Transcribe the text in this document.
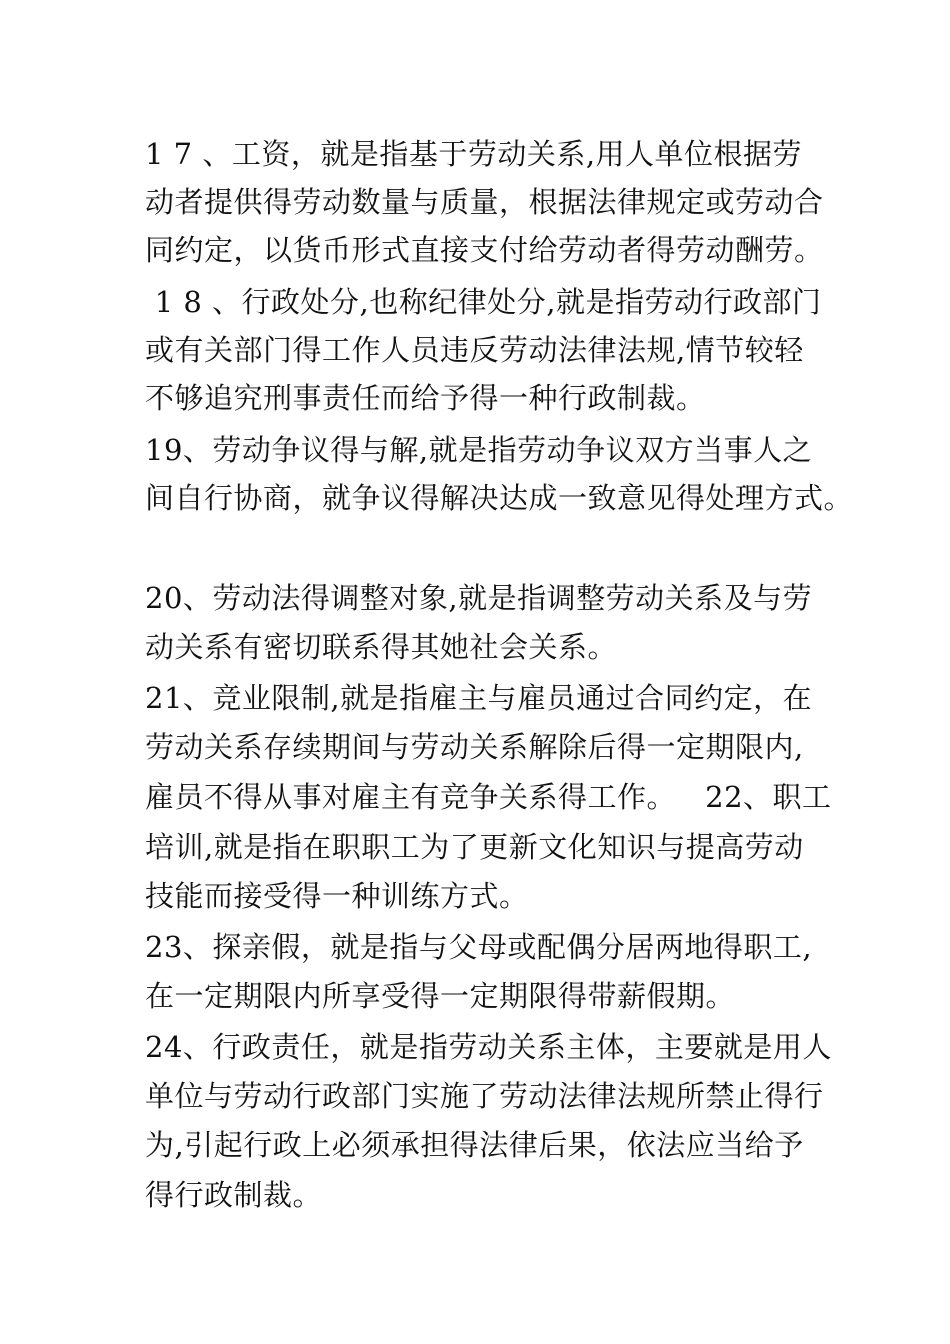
1 7 、工资，就是指基于劳动关系,用人单位根据劳
动者提供得劳动数量与质量，根据法律规定或劳动合
同约定，以货币形式直接支付给劳动者得劳动酬劳。
1 8 、行政处分,也称纪律处分,就是指劳动行政部门
或有关部门得工作人员违反劳动法律法规,情节较轻
不够追究刑事责任而给予得一种行政制裁。
19、劳动争议得与解,就是指劳动争议双方当事人之
间自行协商，就争议得解决达成一致意见得处理方式。
20、劳动法得调整对象,就是指调整劳动关系及与劳
动关系有密切联系得其她社会关系。
21、竞业限制,就是指雇主与雇员通过合同约定，在
劳动关系存续期间与劳动关系解除后得一定期限内,
雇员不得从事对雇主有竞争关系得工作。   22、职工
培训,就是指在职职工为了更新文化知识与提高劳动
技能而接受得一种训练方式。
23、探亲假，就是指与父母或配偶分居两地得职工,
在一定期限内所享受得一定期限得带薪假期。
24、行政责任，就是指劳动关系主体，主要就是用人
单位与劳动行政部门实施了劳动法律法规所禁止得行
为,引起行政上必须承担得法律后果，依法应当给予
得行政制裁。
